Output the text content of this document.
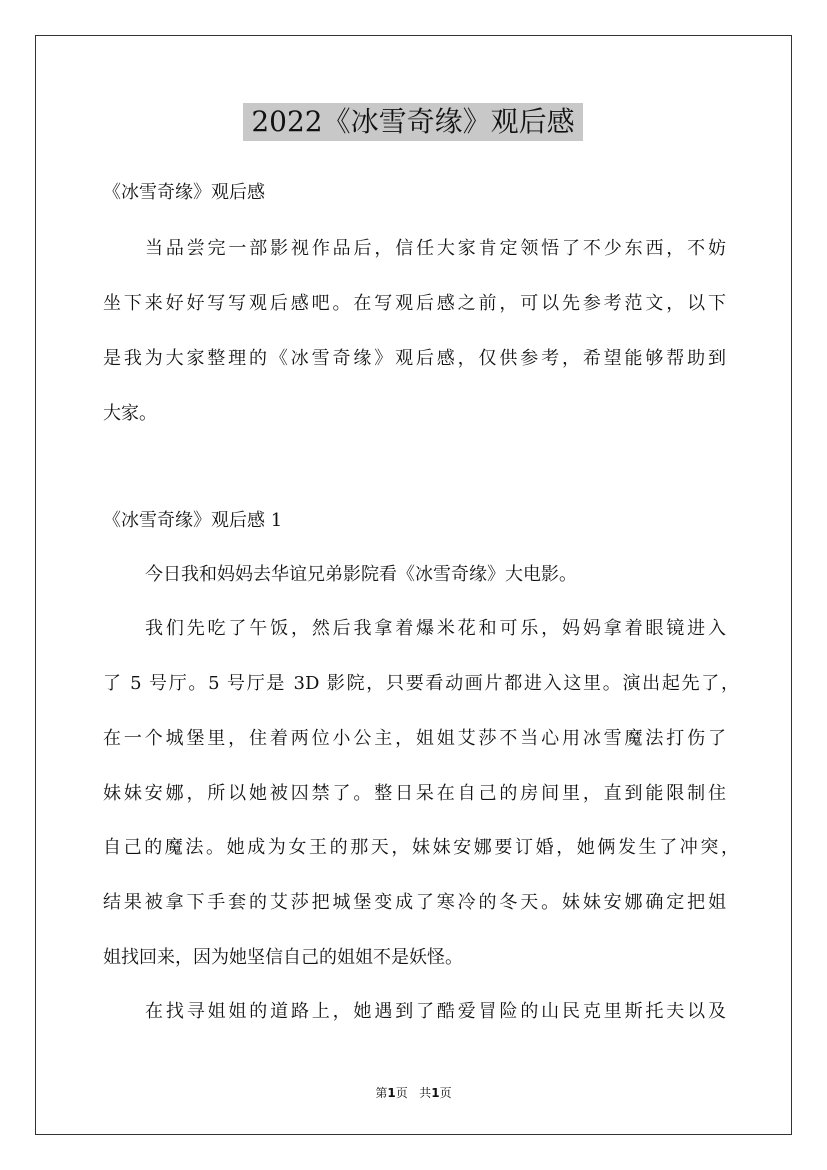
2022《冰雪奇缘》观后感
《冰雪奇缘》观后感
当品尝完一部影视作品后，信任大家肯定领悟了不少东西，不妨
坐下来好好写写观后感吧。在写观后感之前，可以先参考范文，以下
是我为大家整理的《冰雪奇缘》观后感，仅供参考，希望能够帮助到
大家。
《冰雪奇缘》观后感 1
今日我和妈妈去华谊兄弟影院看《冰雪奇缘》大电影。
我们先吃了午饭，然后我拿着爆米花和可乐，妈妈拿着眼镜进入
了 5 号厅。5 号厅是 3D 影院，只要看动画片都进入这里。演出起先了，
在一个城堡里，住着两位小公主，姐姐艾莎不当心用冰雪魔法打伤了
妹妹安娜，所以她被囚禁了。整日呆在自己的房间里，直到能限制住
自己的魔法。她成为女王的那天，妹妹安娜要订婚，她俩发生了冲突，
结果被拿下手套的艾莎把城堡变成了寒冷的冬天。妹妹安娜确定把姐
姐找回来，因为她坚信自己的姐姐不是妖怪。
在找寻姐姐的道路上，她遇到了酷爱冒险的山民克里斯托夫以及
第1页 共1页
